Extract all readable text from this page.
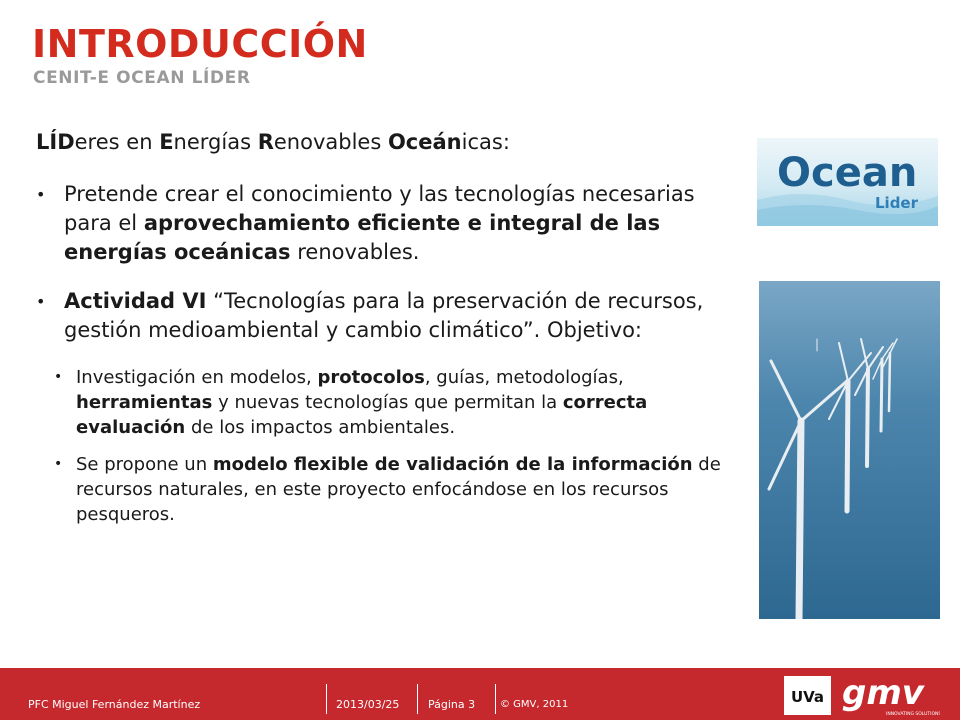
INTRODUCCIÓN
CENIT-E OCEAN LÍDER

LÍDeres en Energías Renovables Oceánicas:

• Pretende crear el conocimiento y las tecnologías necesarias para el aprovechamiento eficiente e integral de las energías oceánicas renovables.
• Actividad VI “Tecnologías para la preservación de recursos, gestión medioambiental y cambio climático”. Objetivo:
• Investigación en modelos, protocolos, guías, metodologías, herramientas y nuevas tecnologías que permitan la correcta evaluación de los impactos ambientales.
• Se propone un modelo flexible de validación de la información de recursos naturales, en este proyecto enfocándose en los recursos pesqueros.
Ocean
Lider
PFC Miguel Fernández Martínez	2013/03/25	Página 3 © GMV, 2011	UVa gmv
INNOVATING SOLUTIONS
